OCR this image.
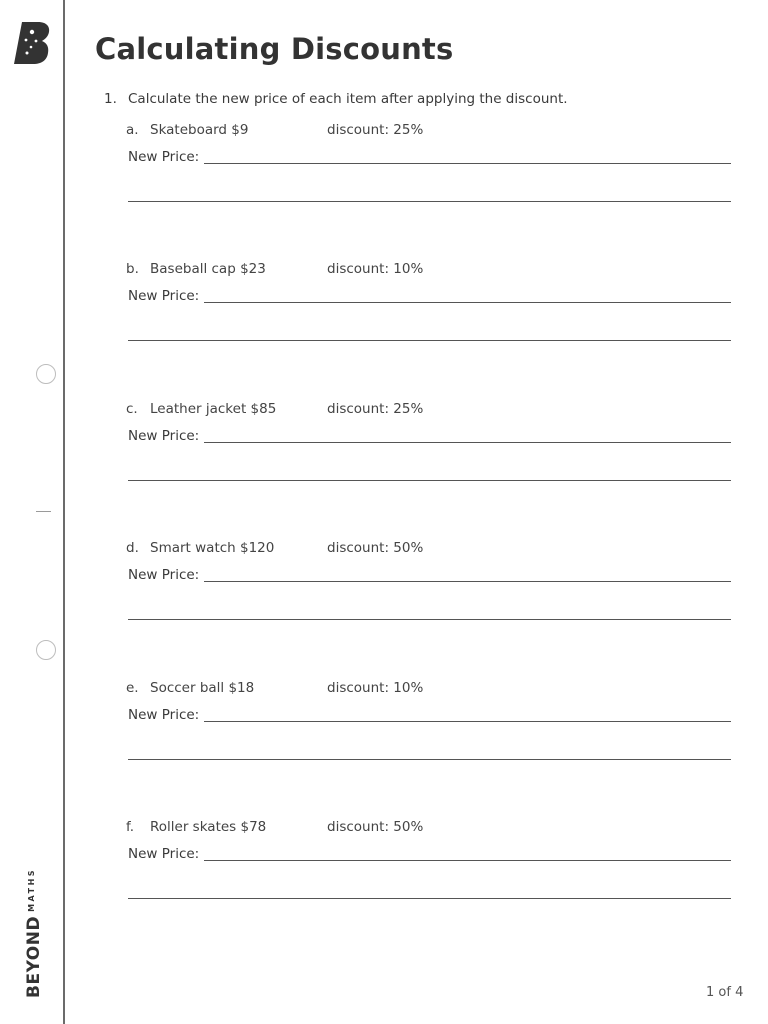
$BEYOND^{MATHS}$
Calculating Discounts
1. Calculate the new price of each item after applying the discount.
a. Skateboard $9	discount: 25%
New Price:
b. Baseball cap $23	discount: 10%
New Price:
c. Leather jacket $85	discount: 25%
New Price:
d. Smart watch $120	discount: 50%
New Price:
e. Soccer ball $18	discount: 10%
New Price:
f.	Roller skates $78	discount: 50%
New Price:
1 of 4
